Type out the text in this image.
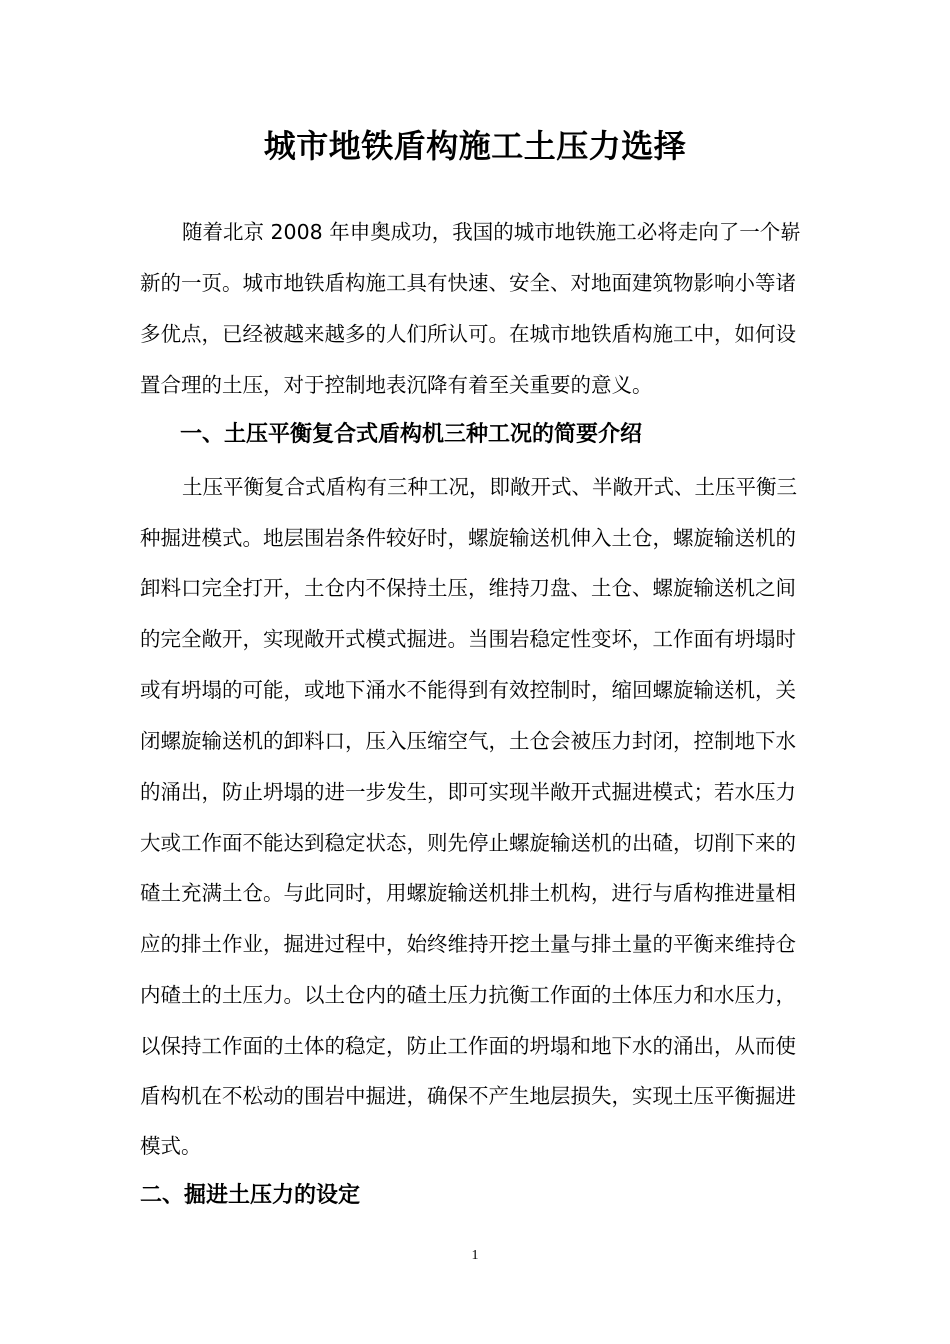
城市地铁盾构施工土压力选择
随着北京 2008 年申奥成功，我国的城市地铁施工必将走向了一个崭
新的一页。城市地铁盾构施工具有快速、安全、对地面建筑物影响小等诸
多优点，已经被越来越多的人们所认可。在城市地铁盾构施工中，如何设
置合理的土压，对于控制地表沉降有着至关重要的意义。
一、土压平衡复合式盾构机三种工况的简要介绍
土压平衡复合式盾构有三种工况，即敞开式、半敞开式、土压平衡三
种掘进模式。地层围岩条件较好时，螺旋输送机伸入土仓，螺旋输送机的
卸料口完全打开，土仓内不保持土压，维持刀盘、土仓、螺旋输送机之间
的完全敞开，实现敞开式模式掘进。当围岩稳定性变坏，工作面有坍塌时
或有坍塌的可能，或地下涌水不能得到有效控制时，缩回螺旋输送机，关
闭螺旋输送机的卸料口，压入压缩空气，土仓会被压力封闭，控制地下水
的涌出，防止坍塌的进一步发生，即可实现半敞开式掘进模式；若水压力
大或工作面不能达到稳定状态，则先停止螺旋输送机的出碴，切削下来的
碴土充满土仓。与此同时，用螺旋输送机排土机构，进行与盾构推进量相
应的排土作业，掘进过程中，始终维持开挖土量与排土量的平衡来维持仓
内碴土的土压力。以土仓内的碴土压力抗衡工作面的土体压力和水压力，
以保持工作面的土体的稳定，防止工作面的坍塌和地下水的涌出，从而使
盾构机在不松动的围岩中掘进，确保不产生地层损失，实现土压平衡掘进
模式。
二、掘进土压力的设定
1
